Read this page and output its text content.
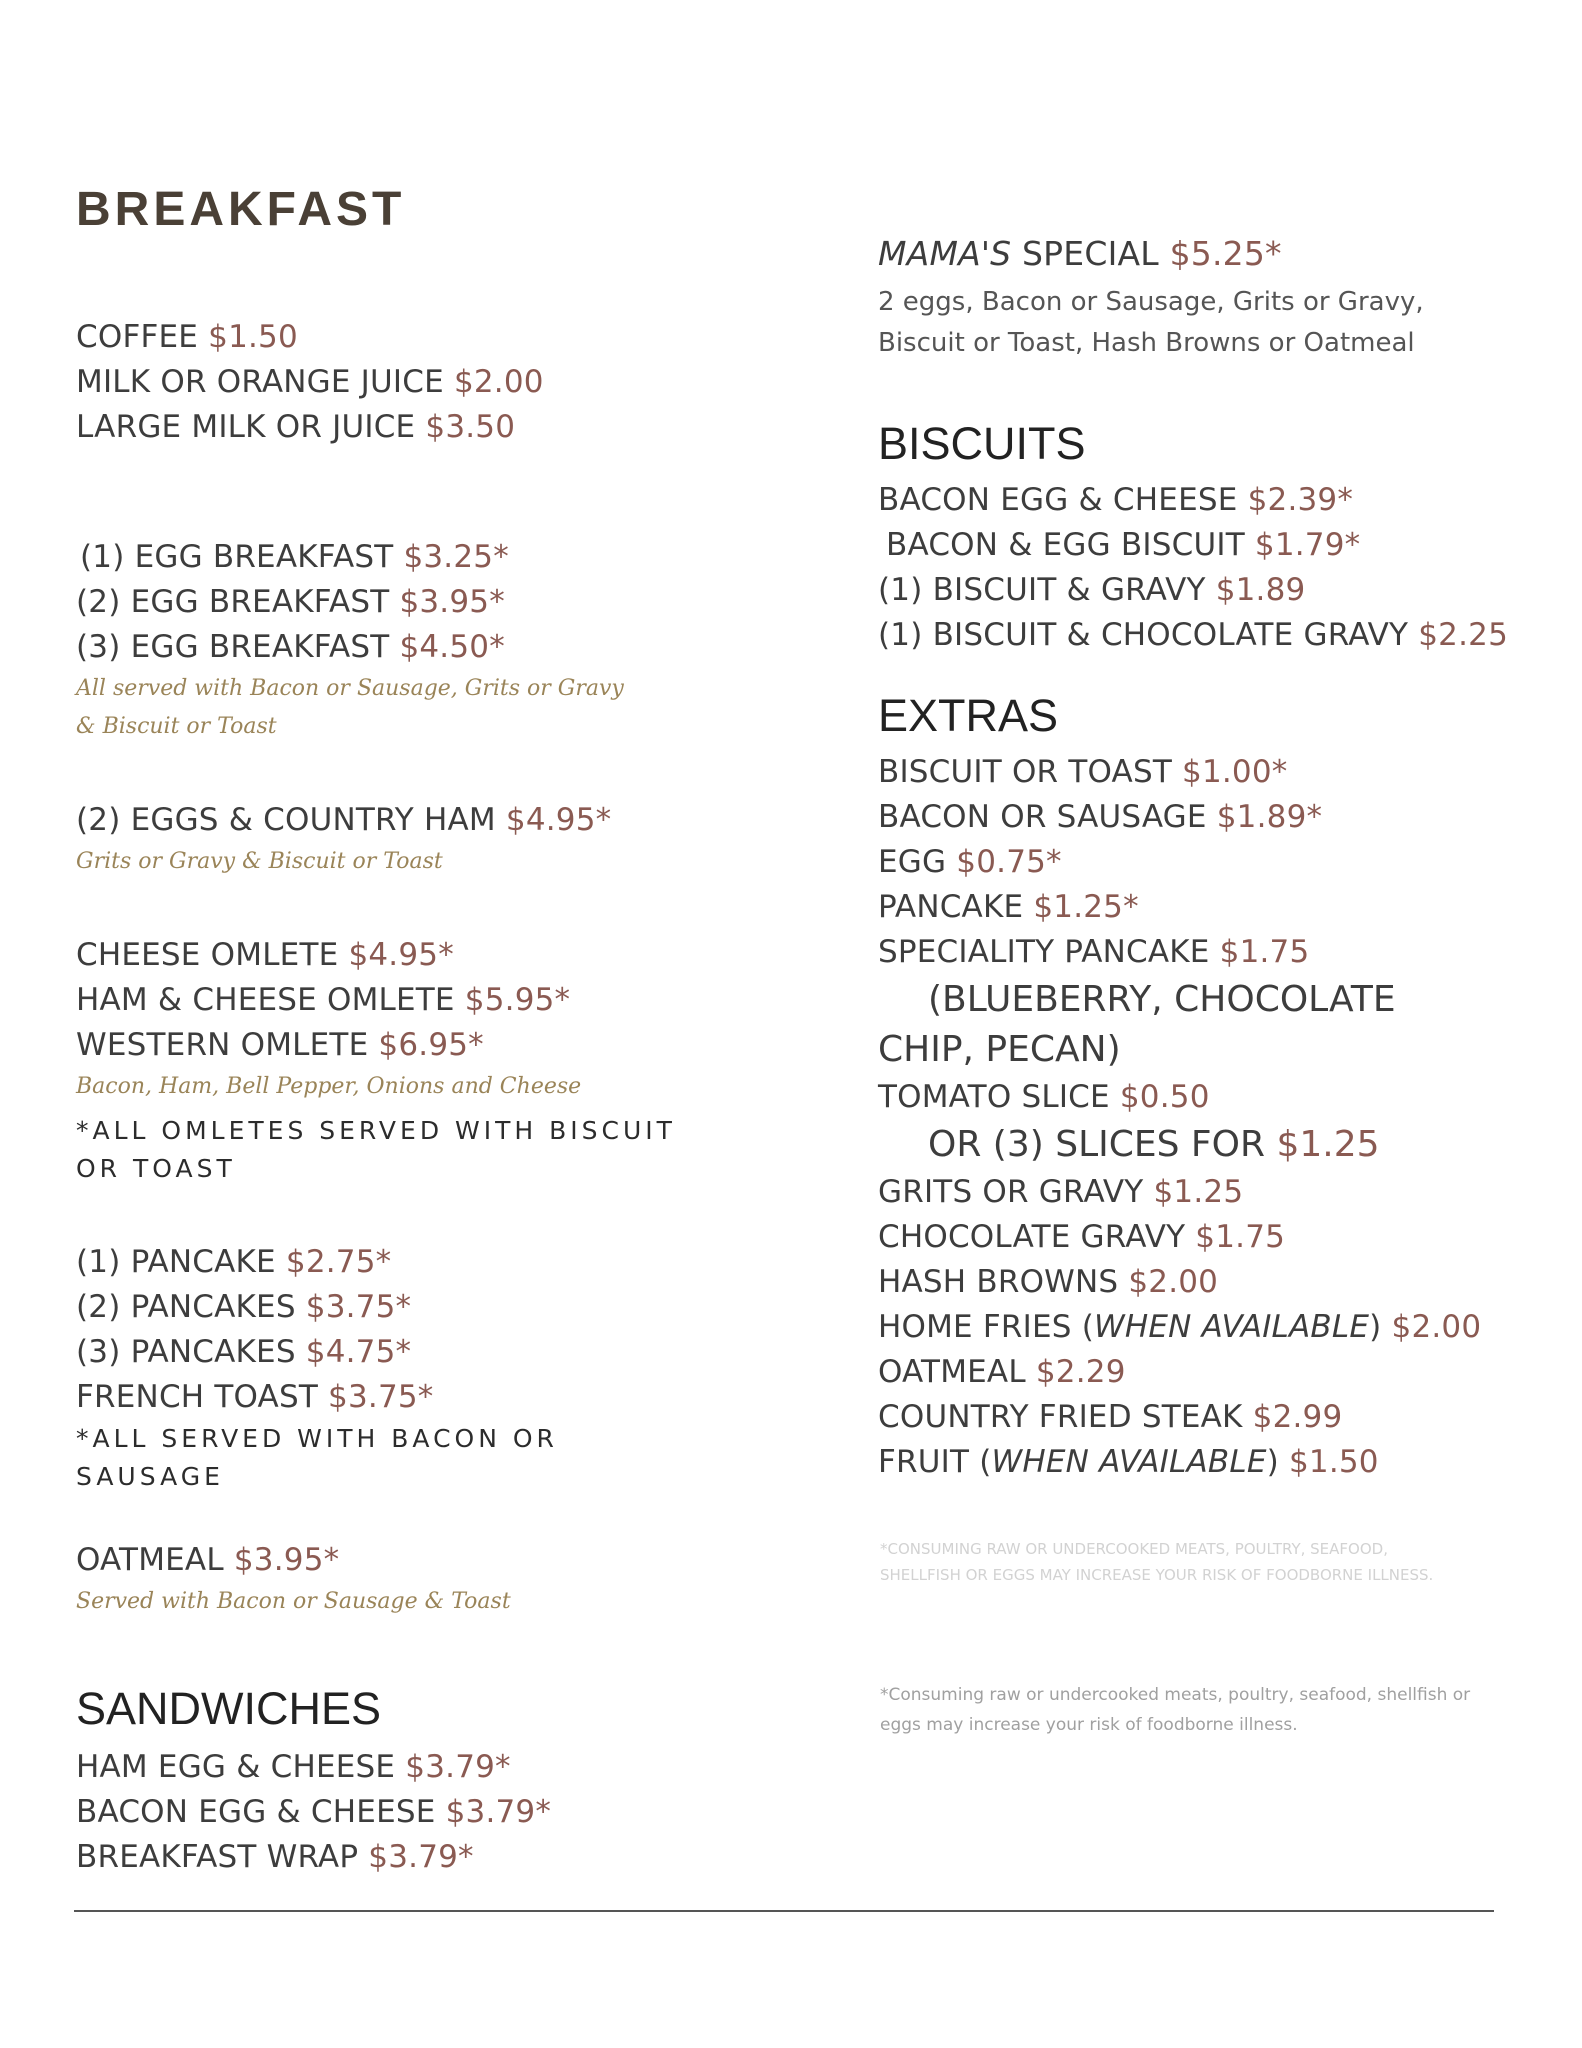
BREAKFAST
COFFEE $1.50
MILK OR ORANGE JUICE $2.00
LARGE MILK OR JUICE $3.50
(1) EGG BREAKFAST $3.25*
(2) EGG BREAKFAST $3.95*
(3) EGG BREAKFAST $4.50*
All served with Bacon or Sausage, Grits or Gravy
& Biscuit or Toast
(2) EGGS & COUNTRY HAM $4.95*
Grits or Gravy & Biscuit or Toast
CHEESE OMLETE $4.95*
HAM & CHEESE OMLETE $5.95*
WESTERN OMLETE $6.95*
Bacon, Ham, Bell Pepper, Onions and Cheese
*ALL OMLETES SERVED WITH BISCUIT
OR TOAST
(1) PANCAKE $2.75*
(2) PANCAKES $3.75*
(3) PANCAKES $4.75*
FRENCH TOAST $3.75*
*ALL SERVED WITH BACON OR
SAUSAGE
OATMEAL $3.95*
Served with Bacon or Sausage & Toast
SANDWICHES
HAM EGG & CHEESE $3.79*
BACON EGG & CHEESE $3.79*
BREAKFAST WRAP $3.79*
MAMA'S SPECIAL $5.25*
2 eggs, Bacon or Sausage, Grits or Gravy,
Biscuit or Toast, Hash Browns or Oatmeal
BISCUITS
BACON EGG & CHEESE $2.39*
BACON & EGG BISCUIT $1.79*
(1) BISCUIT & GRAVY $1.89
(1) BISCUIT & CHOCOLATE GRAVY $2.25
EXTRAS
BISCUIT OR TOAST $1.00*
BACON OR SAUSAGE $1.89*
EGG $0.75*
PANCAKE $1.25*
SPECIALITY PANCAKE $1.75
(BLUEBERRY, CHOCOLATE
CHIP, PECAN)
TOMATO SLICE $0.50
OR (3) SLICES FOR $1.25
GRITS OR GRAVY $1.25
CHOCOLATE GRAVY $1.75
HASH BROWNS $2.00
HOME FRIES (WHEN AVAILABLE) $2.00
OATMEAL $2.29
COUNTRY FRIED STEAK $2.99
FRUIT (WHEN AVAILABLE) $1.50
*CONSUMING RAW OR UNDERCOOKED MEATS, POULTRY, SEAFOOD, SHELLFISH OR EGGS MAY INCREASE YOUR RISK OF FOODBORNE ILLNESS.
*Consuming raw or undercooked meats, poultry, seafood, shellfish or eggs may increase your risk of foodborne illness.
